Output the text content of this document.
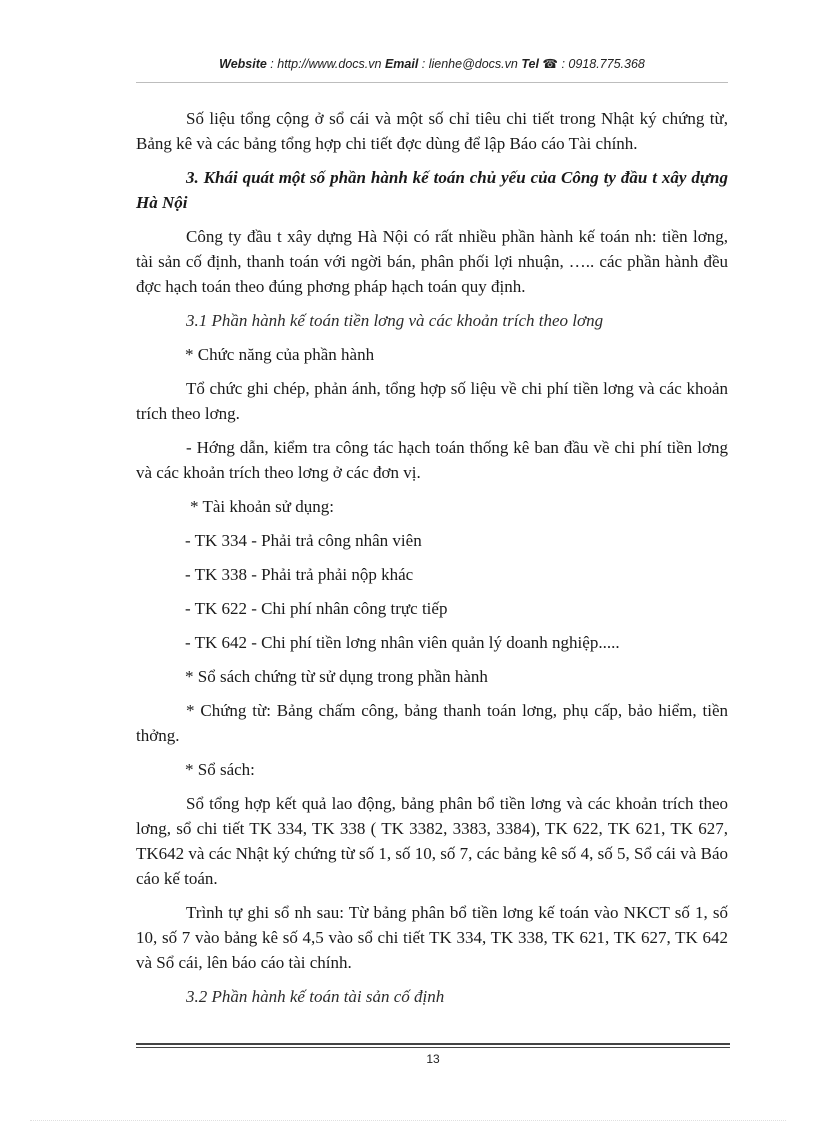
Website : http://www.docs.vn Email : lienhe@docs.vn Tel ☎ : 0918.775.368

Số liệu tổng cộng ở sổ cái và một số chỉ tiêu chi tiết trong Nhật ký chứng từ, Bảng kê và các bảng tổng hợp chi tiết đợc dùng để lập Báo cáo Tài chính.

3. Khái quát một số phần hành kế toán chủ yếu của Công ty đầu t xây dựng Hà Nội

Công ty đầu t xây dựng Hà Nội có rất nhiều phần hành kế toán nh: tiền lơng, tài sản cố định, thanh toán với ngời bán, phân phối lợi nhuận, ….. các phần hành đều đợc hạch toán theo đúng phơng pháp hạch toán quy định.

3.1 Phần hành kế toán tiền lơng và các khoản trích theo lơng

* Chức năng của phần hành

Tổ chức ghi chép, phản ánh, tổng hợp số liệu về chi phí tiền lơng và các khoản trích theo lơng.

- Hớng dẫn, kiểm tra công tác hạch toán thống kê ban đầu về chi phí tiền lơng và các khoản trích theo lơng ở các đơn vị.

* Tài khoản sử dụng:

- TK 334 - Phải trả công nhân viên

- TK 338 - Phải trả phải nộp khác

- TK 622 - Chi phí nhân công trực tiếp

- TK 642 - Chi phí tiền lơng nhân viên quản lý doanh nghiệp.....

* Sổ sách chứng từ sử dụng trong phần hành

* Chứng từ: Bảng chấm công, bảng thanh toán lơng, phụ cấp, bảo hiểm, tiền thởng.

* Sổ sách:

Sổ tổng hợp kết quả lao động, bảng phân bổ tiền lơng và các khoản trích theo lơng, sổ chi tiết TK 334, TK 338 ( TK 3382, 3383, 3384), TK 622, TK 621, TK 627, TK642 và các Nhật ký chứng từ số 1, số 10, số 7, các bảng kê số 4, số 5, Sổ cái và Báo cáo kế toán.

Trình tự ghi sổ nh sau: Từ bảng phân bổ tiền lơng kế toán vào NKCT số 1, số 10, số 7 vào bảng kê số 4,5 vào sổ chi tiết TK 334, TK 338, TK 621, TK 627, TK 642 và Sổ cái, lên báo cáo tài chính.

3.2 Phần hành kế toán tài sản cố định

13
